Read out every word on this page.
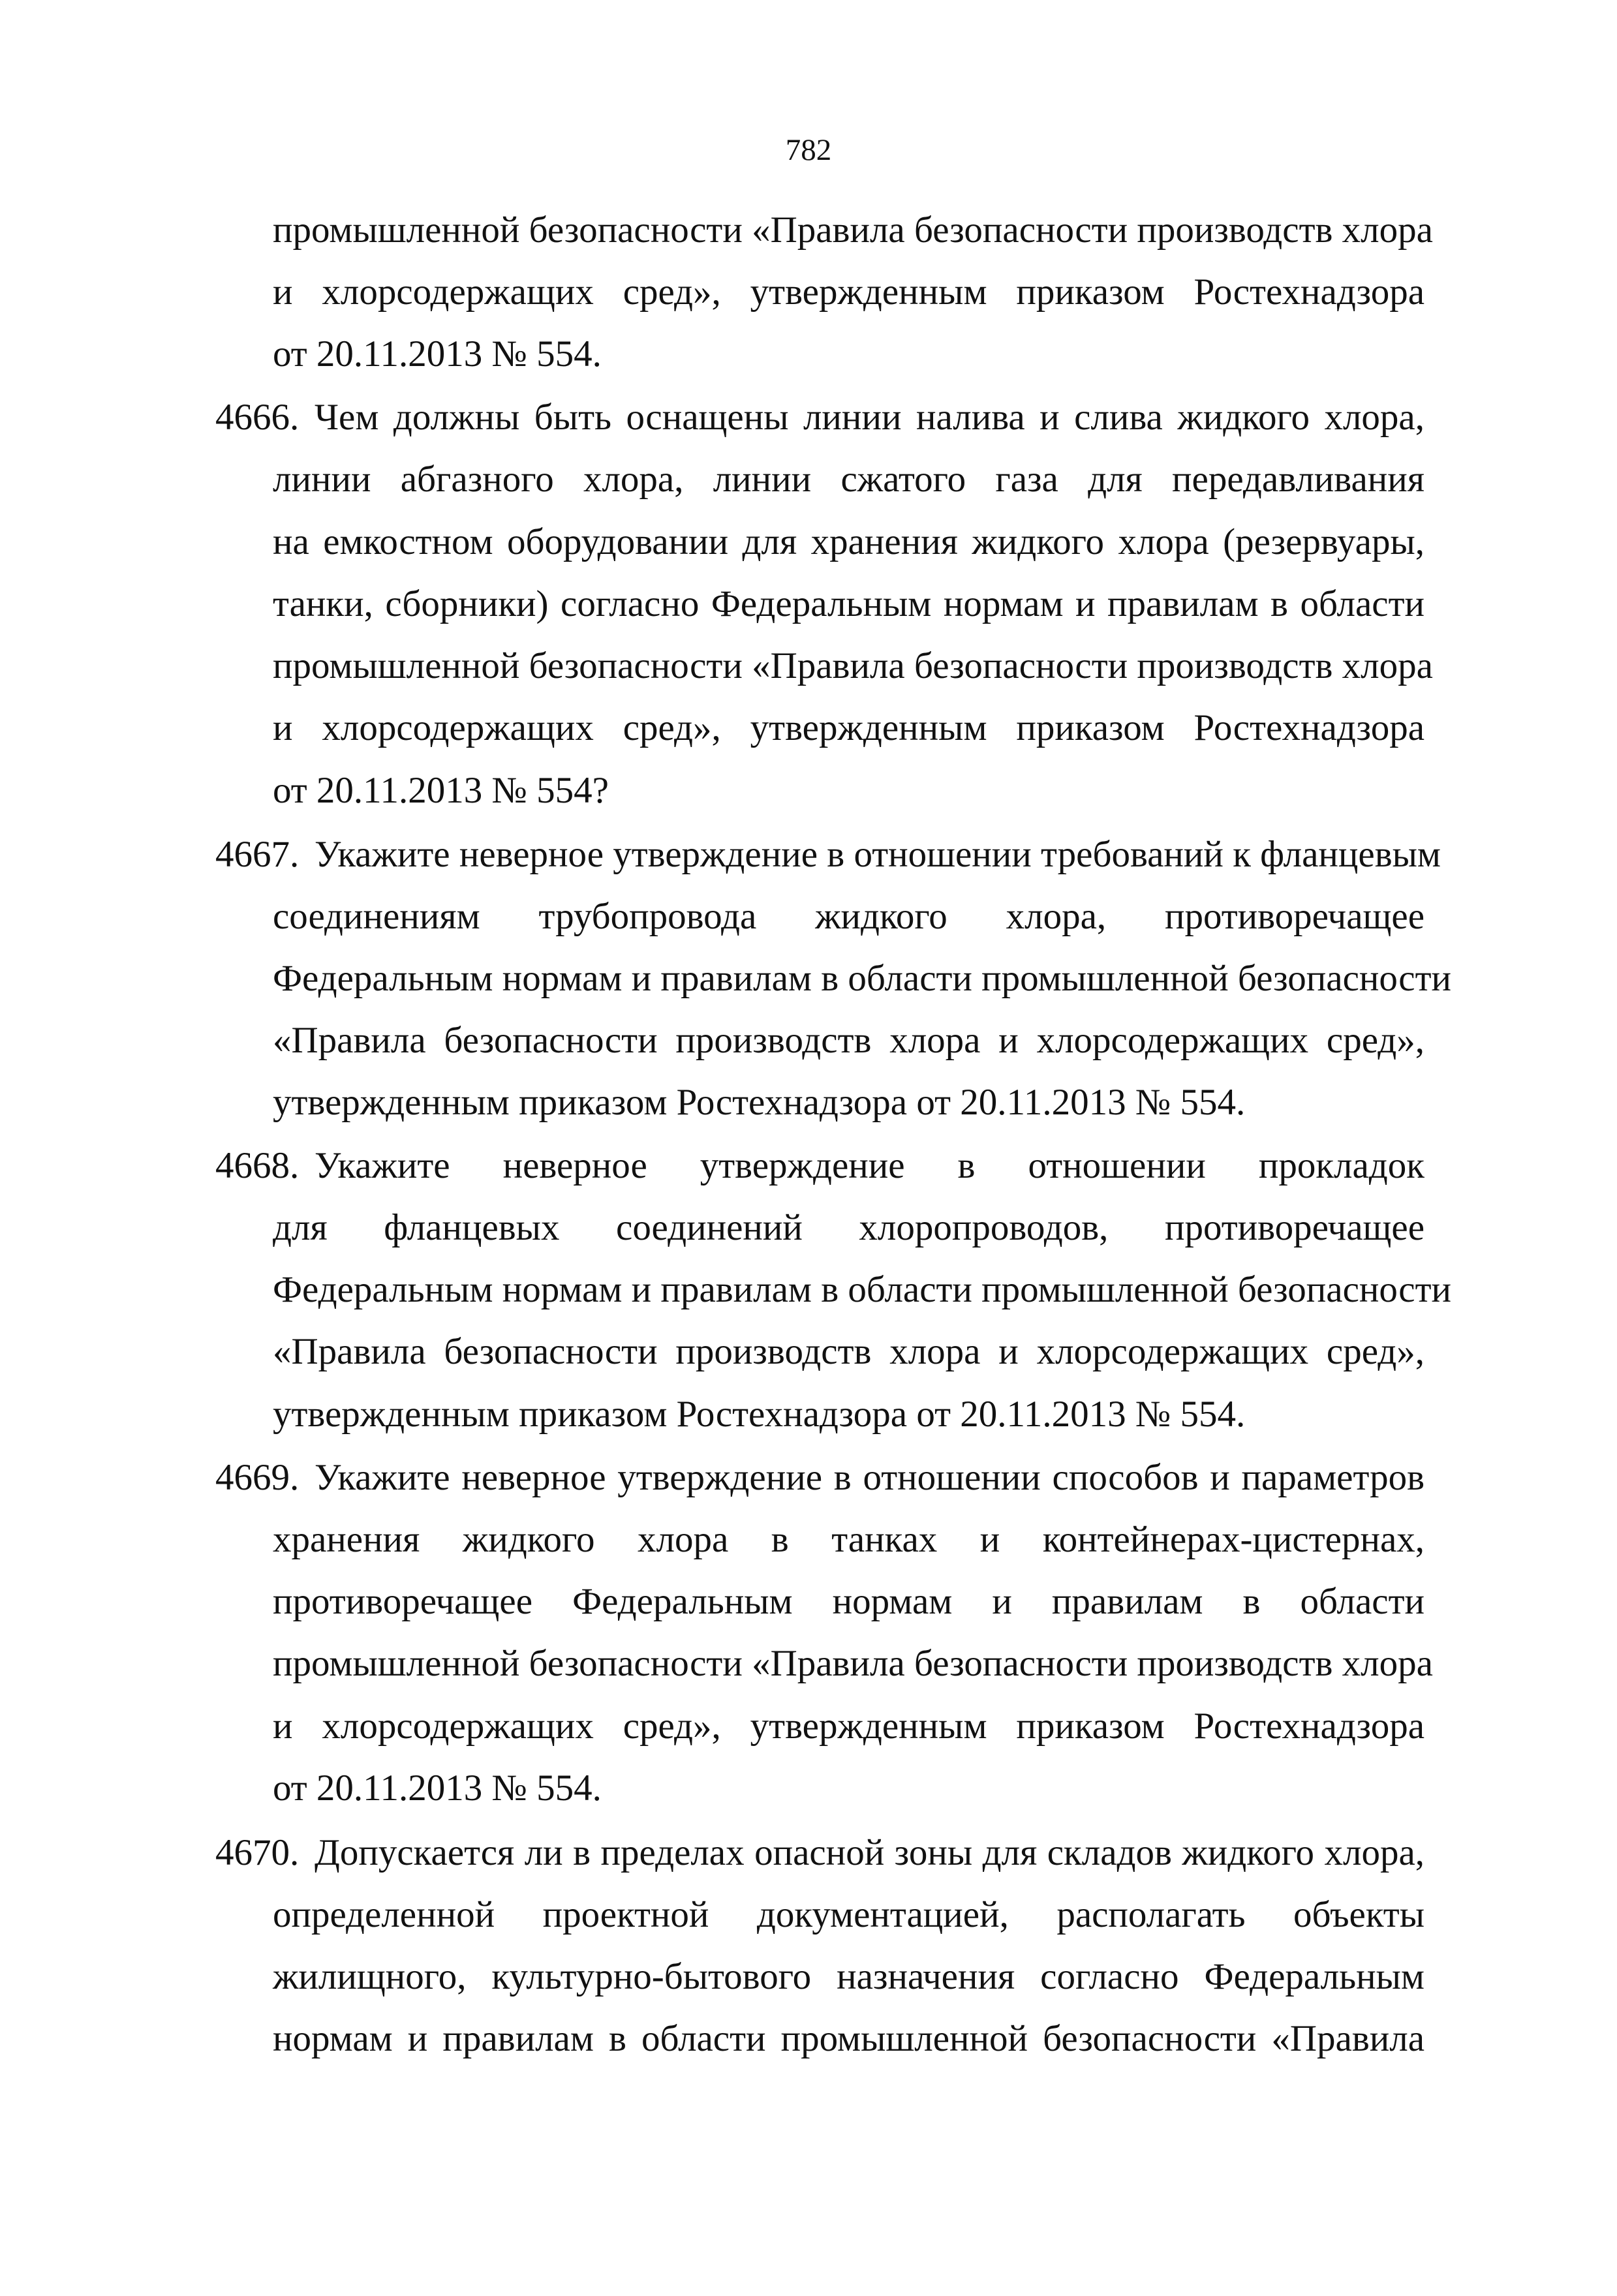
782
промышленной безопасности «Правила безопасности производств хлора
и хлорсодержащих сред», утвержденным приказом Ростехнадзора
от 20.11.2013 № 554.
4666. Чем должны быть оснащены линии налива и слива жидкого хлора,
линии абгазного хлора, линии сжатого газа для передавливания
на емкостном оборудовании для хранения жидкого хлора (резервуары,
танки, сборники) согласно Федеральным нормам и правилам в области
промышленной безопасности «Правила безопасности производств хлора
и хлорсодержащих сред», утвержденным приказом Ростехнадзора
от 20.11.2013 № 554?
4667. Укажите неверное утверждение в отношении требований к фланцевым
соединениям трубопровода жидкого хлора, противоречащее
Федеральным нормам и правилам в области промышленной безопасности
«Правила безопасности производств хлора и хлорсодержащих сред»,
утвержденным приказом Ростехнадзора от 20.11.2013 № 554.
4668. Укажите неверное утверждение в отношении прокладок
для фланцевых соединений хлоропроводов, противоречащее
Федеральным нормам и правилам в области промышленной безопасности
«Правила безопасности производств хлора и хлорсодержащих сред»,
утвержденным приказом Ростехнадзора от 20.11.2013 № 554.
4669. Укажите неверное утверждение в отношении способов и параметров
хранения жидкого хлора в танках и контейнерах-цистернах,
противоречащее Федеральным нормам и правилам в области
промышленной безопасности «Правила безопасности производств хлора
и хлорсодержащих сред», утвержденным приказом Ростехнадзора
от 20.11.2013 № 554.
4670. Допускается ли в пределах опасной зоны для складов жидкого хлора,
определенной проектной документацией, располагать объекты
жилищного, культурно-бытового назначения согласно Федеральным
нормам и правилам в области промышленной безопасности «Правила
